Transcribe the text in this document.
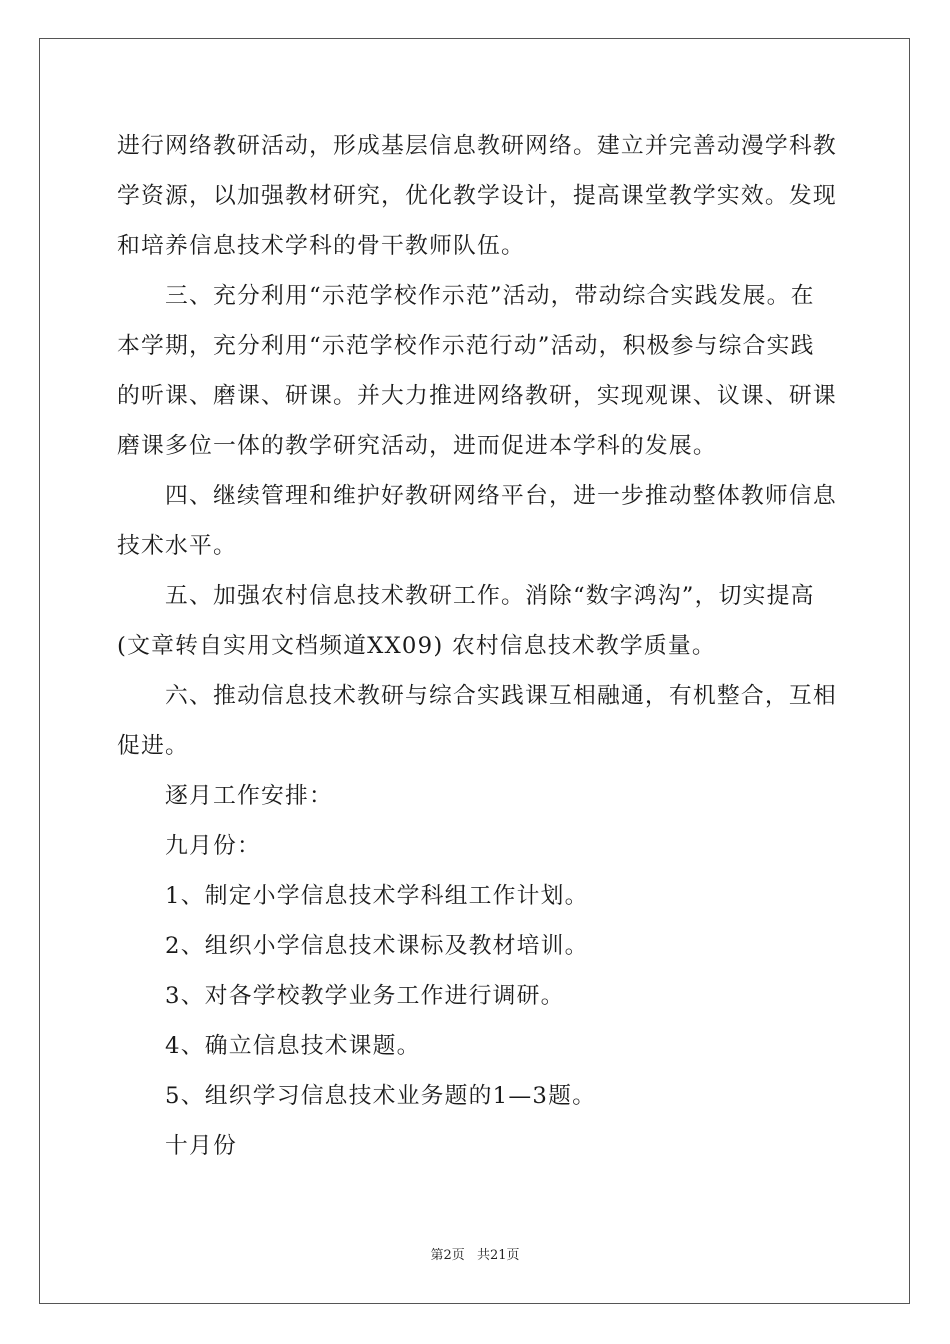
进行网络教研活动，形成基层信息教研网络。建立并完善动漫学科教
学资源，以加强教材研究，优化教学设计，提高课堂教学实效。发现
和培养信息技术学科的骨干教师队伍。
三、充分利用“示范学校作示范”活动，带动综合实践发展。在
本学期，充分利用“示范学校作示范行动”活动，积极参与综合实践
的听课、磨课、研课。并大力推进网络教研，实现观课、议课、研课
磨课多位一体的教学研究活动，进而促进本学科的发展。
四、继续管理和维护好教研网络平台，进一步推动整体教师信息
技术水平。
五、加强农村信息技术教研工作。消除“数字鸿沟”，切实提高
(文章转自实用文档频道XX09) 农村信息技术教学质量。
六、推动信息技术教研与综合实践课互相融通，有机整合，互相
促进。
逐月工作安排：
九月份：
1、制定小学信息技术学科组工作计划。
2、组织小学信息技术课标及教材培训。
3、对各学校教学业务工作进行调研。
4、确立信息技术课题。
5、组织学习信息技术业务题的1—3题。
十月份
第2页 共21页
